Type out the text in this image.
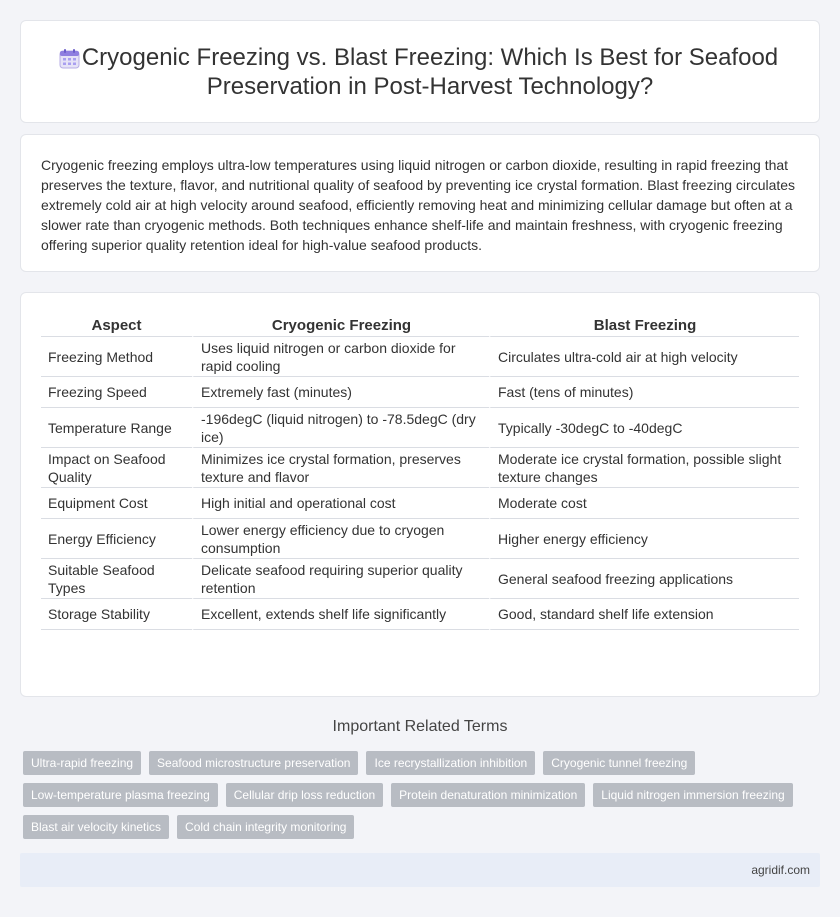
Cryogenic Freezing vs. Blast Freezing: Which Is Best for Seafood Preservation in Post-Harvest Technology?

Cryogenic freezing employs ultra-low temperatures using liquid nitrogen or carbon dioxide, resulting in rapid freezing that preserves the texture, flavor, and nutritional quality of seafood by preventing ice crystal formation. Blast freezing circulates extremely cold air at high velocity around seafood, efficiently removing heat and minimizing cellular damage but often at a slower rate than cryogenic methods. Both techniques enhance shelf-life and maintain freshness, with cryogenic freezing offering superior quality retention ideal for high-value seafood products.

Aspect	Cryogenic Freezing	Blast Freezing
Freezing Method	Uses liquid nitrogen or carbon dioxide for rapid cooling	Circulates ultra-cold air at high velocity
Freezing Speed	Extremely fast (minutes)	Fast (tens of minutes)
Temperature Range	-196degC (liquid nitrogen) to -78.5degC (dry ice)	Typically -30degC to -40degC
Impact on Seafood Quality	Minimizes ice crystal formation, preserves texture and flavor	Moderate ice crystal formation, possible slight texture changes
Equipment Cost	High initial and operational cost	Moderate cost
Energy Efficiency	Lower energy efficiency due to cryogen consumption	Higher energy efficiency
Suitable Seafood Types	Delicate seafood requiring superior quality retention	General seafood freezing applications
Storage Stability	Excellent, extends shelf life significantly	Good, standard shelf life extension
Important Related Terms
Ultra-rapid freezing	Seafood microstructure preservation	Ice recrystallization inhibition	Cryogenic tunnel freezing
Low-temperature plasma freezing	Cellular drip loss reduction	Protein denaturation minimization	Liquid nitrogen immersion freezing
Blast air velocity kinetics	Cold chain integrity monitoring
agridif.com
